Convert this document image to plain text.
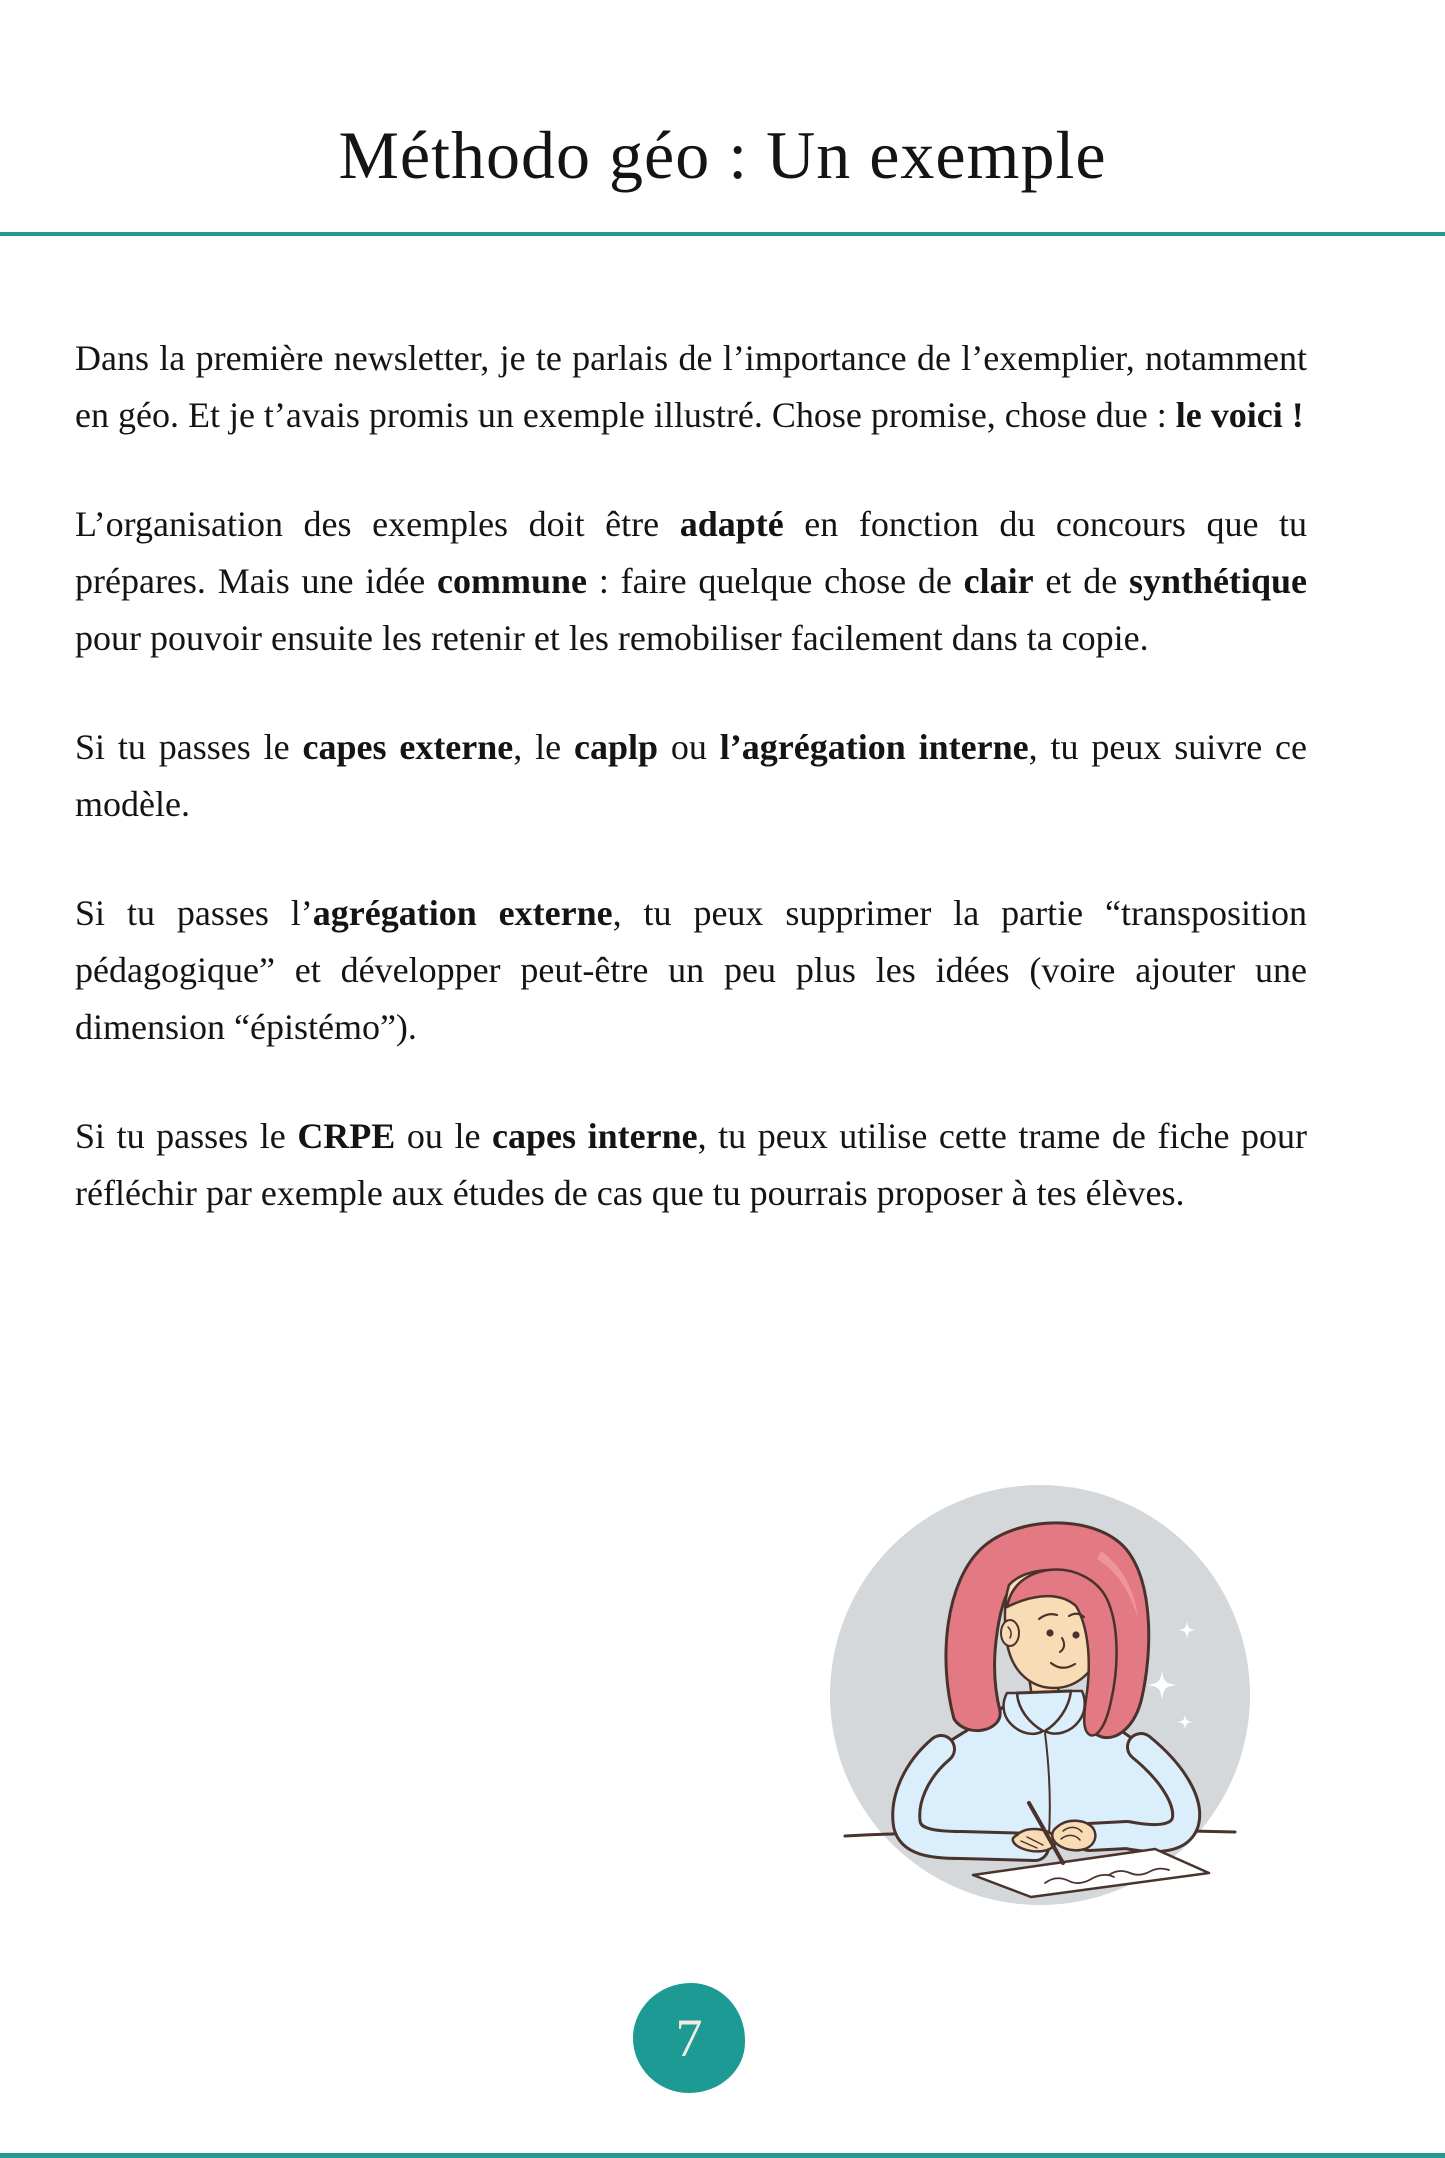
Méthodo géo : Un exemple

Dans la première newsletter, je te parlais de l’importance de l’exemplier, notamment en géo. Et je t’avais promis un exemple illustré. Chose promise, chose due : le voici !

L’organisation des exemples doit être adapté en fonction du concours que tu prépares. Mais une idée commune : faire quelque chose de clair et de synthétique pour pouvoir ensuite les retenir et les remobiliser facilement dans ta copie.

Si tu passes le capes externe, le caplp ou l’agrégation interne, tu peux suivre ce modèle.

Si tu passes l’agrégation externe, tu peux supprimer la partie “transposition pédagogique” et développer peut-être un peu plus les idées (voire ajouter une dimension “épistémo”).

Si tu passes le CRPE ou le capes interne, tu peux utilise cette trame de fiche pour réfléchir par exemple aux études de cas que tu pourrais proposer à tes élèves.

7
